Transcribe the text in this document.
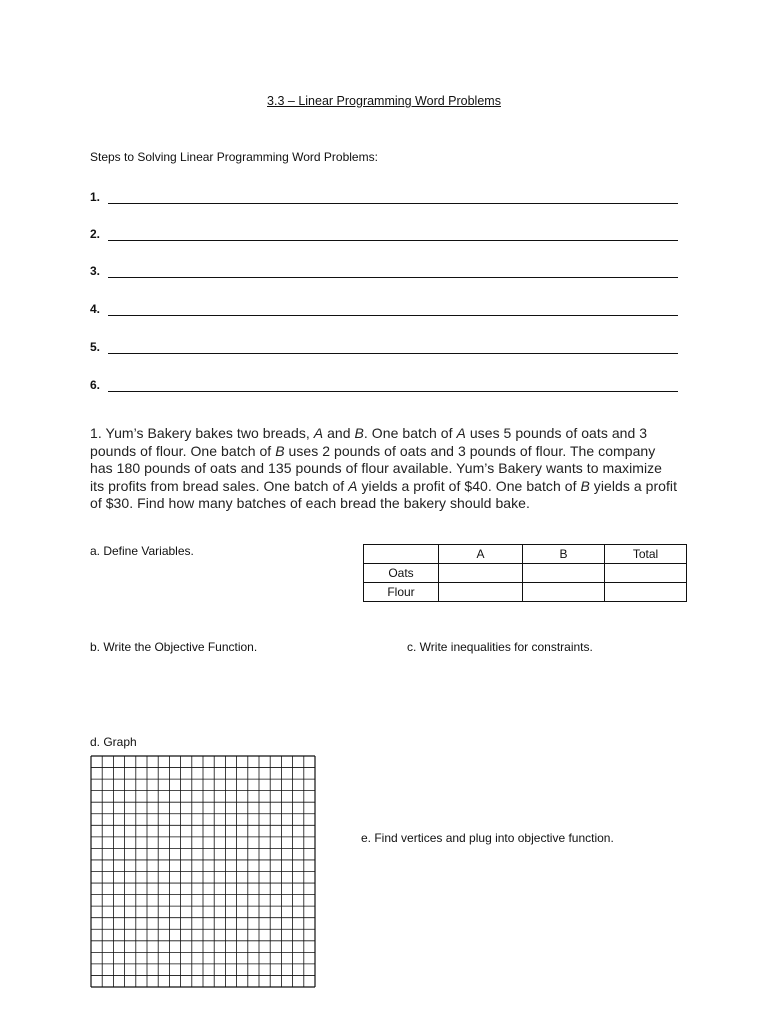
3.3 – Linear Programming Word Problems
Steps to Solving Linear Programming Word Problems:
1.
2.
3.
4.
5.
6.
1. Yum’s Bakery bakes two breads, A and B. One batch of A uses 5 pounds of oats and 3 pounds of flour. One batch of B uses 2 pounds of oats and 3 pounds of flour. The company has 180 pounds of oats and 135 pounds of flour available. Yum’s Bakery wants to maximize its profits from bread sales. One batch of A yields a profit of $40. One batch of B yields a profit of $30. Find how many batches of each bread the bakery should bake.
a. Define Variables.
		A	B	Total
Oats			
Flour			
b. Write the Objective Function.	c. Write inequalities for constraints.
d. Graph
e. Find vertices and plug into objective function.
